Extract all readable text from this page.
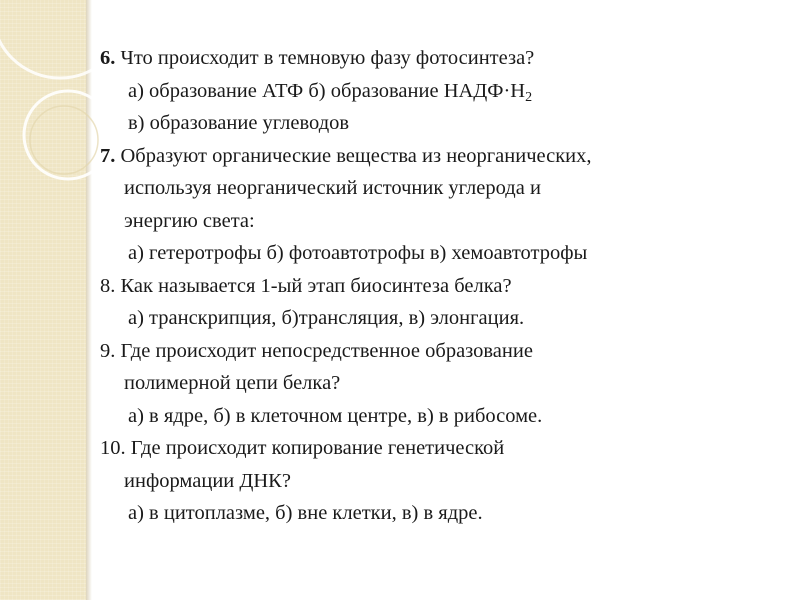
6. Что происходит в темновую фазу фотосинтеза?
а) образование АТФ б) образование $НАДФ\cdot Н_2$
в) образование углеводов
7. Образуют органические вещества из неорганических,
используя неорганический источник углерода и
энергию света:
а) гетеротрофы б) фотоавтотрофы в) хемоавтотрофы
8. Как называется 1-ый этап биосинтеза белка?
а) транскрипция, б)трансляция, в) элонгация.
9. Где происходит непосредственное образование
полимерной цепи белка?
а) в ядре, б) в клеточном центре, в) в рибосоме.
10. Где происходит копирование генетической
информации ДНК?
а) в цитоплазме, б) вне клетки, в) в ядре.
